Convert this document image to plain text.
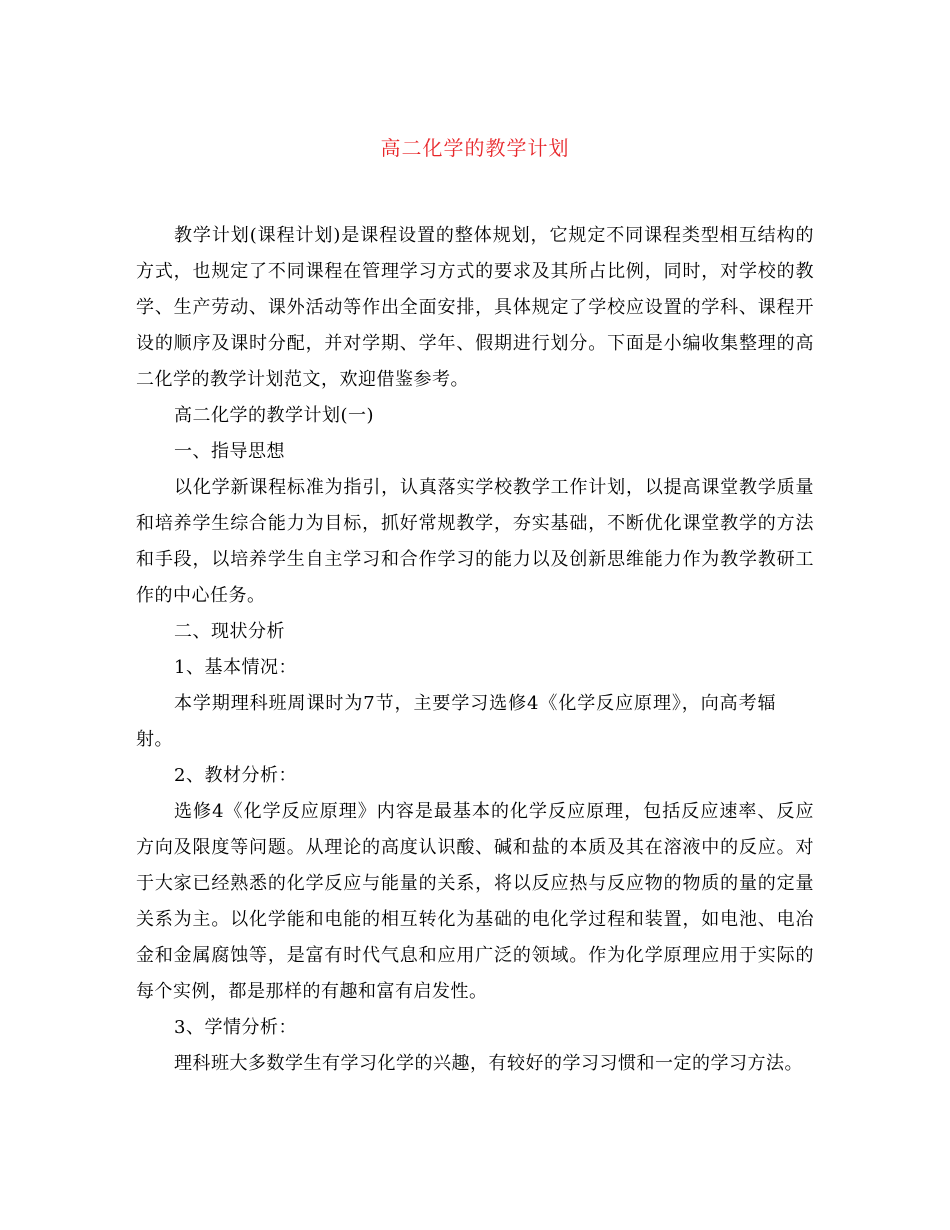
高二化学的教学计划

教学计划(课程计划)是课程设置的整体规划，它规定不同课程类型相互结构的方式，也规定了不同课程在管理学习方式的要求及其所占比例，同时，对学校的教学、生产劳动、课外活动等作出全面安排，具体规定了学校应设置的学科、课程开设的顺序及课时分配，并对学期、学年、假期进行划分。下面是小编收集整理的高二化学的教学计划范文，欢迎借鉴参考。

高二化学的教学计划(一)

一、指导思想

以化学新课程标准为指引，认真落实学校教学工作计划，以提高课堂教学质量和培养学生综合能力为目标，抓好常规教学，夯实基础，不断优化课堂教学的方法和手段，以培养学生自主学习和合作学习的能力以及创新思维能力作为教学教研工作的中心任务。

二、现状分析

1、基本情况：

本学期理科班周课时为7节，主要学习选修4《化学反应原理》，向高考辐射。

2、教材分析：

选修4《化学反应原理》内容是最基本的化学反应原理，包括反应速率、反应方向及限度等问题。从理论的高度认识酸、碱和盐的本质及其在溶液中的反应。对于大家已经熟悉的化学反应与能量的关系，将以反应热与反应物的物质的量的定量关系为主。以化学能和电能的相互转化为基础的电化学过程和装置，如电池、电冶金和金属腐蚀等，是富有时代气息和应用广泛的领域。作为化学原理应用于实际的每个实例，都是那样的有趣和富有启发性。

3、学情分析：

理科班大多数学生有学习化学的兴趣，有较好的学习习惯和一定的学习方法。
